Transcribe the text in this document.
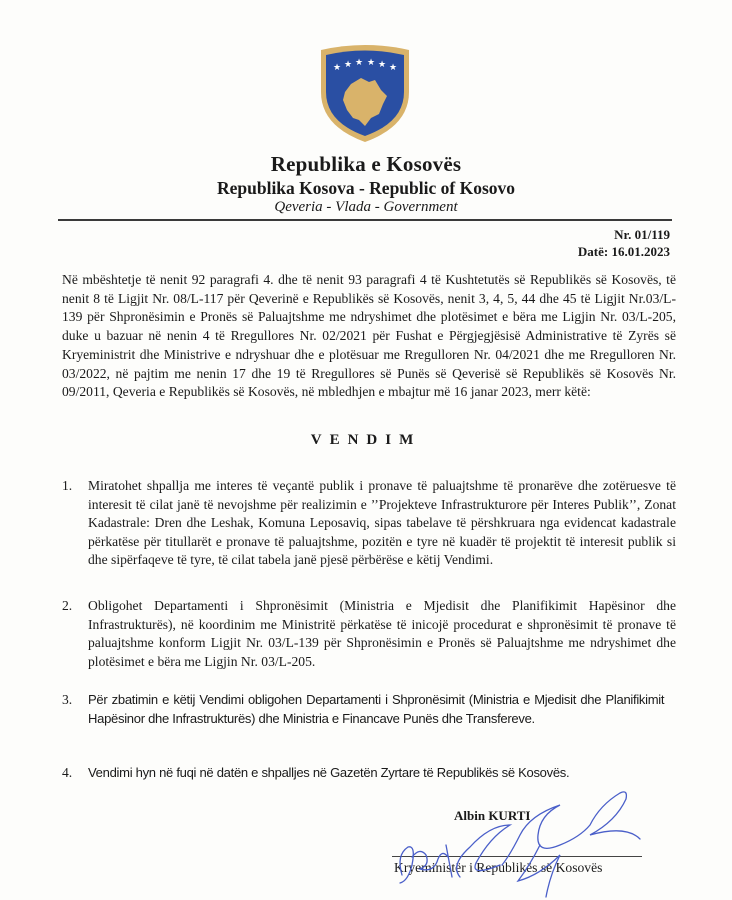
★ ★ ★ ★ ★ ★
Republika e Kosovës
Republika Kosova - Republic of Kosovo
Qeveria - Vlada - Government
Nr. 01/119
Datë: 16.01.2023
Në mbështetje të nenit 92 paragrafi 4. dhe të nenit 93 paragrafi 4 të Kushtetutës së Republikës së Kosovës, të nenit 8 të Ligjit Nr. 08/L-117 për Qeverinë e Republikës së Kosovës, nenit 3, 4, 5, 44 dhe 45 të Ligjit Nr.03/L-139 për Shpronësimin e Pronës së Paluajtshme me ndryshimet dhe plotësimet e bëra me Ligjin Nr. 03/L-205, duke u bazuar në nenin 4 të Rregullores Nr. 02/2021 për Fushat e Përgjegjësisë Administrative të Zyrës së Kryeministrit dhe Ministrive e ndryshuar dhe e plotësuar me Rregulloren Nr. 04/2021 dhe me Rregulloren Nr. 03/2022, në pajtim me nenin 17 dhe 19 të Rregullores së Punës së Qeverisë së Republikës së Kosovës Nr. 09/2011, Qeveria e Republikës së Kosovës, në mbledhjen e mbajtur më 16 janar 2023, merr këtë:
VENDIM
1.	Miratohet shpallja me interes të veçantë publik i pronave të paluajtshme të pronarëve dhe zotëruesve të interesit të cilat janë të nevojshme për realizimin e ’’Projekteve Infrastrukturore për Interes Publik’’, Zonat Kadastrale: Dren dhe Leshak, Komuna Leposaviq, sipas tabelave të përshkruara nga evidencat kadastrale përkatëse për titullarët e pronave të paluajtshme, pozitën e tyre në kuadër të projektit të interesit publik si dhe sipërfaqeve të tyre, të cilat tabela janë pjesë përbërëse e këtij Vendimi.
2.	Obligohet Departamenti i Shpronësimit (Ministria e Mjedisit dhe Planifikimit Hapësinor dhe Infrastrukturës), në koordinim me Ministritë përkatëse të inicojë procedurat e shpronësimit të pronave të paluajtshme konform Ligjit Nr. 03/L-139 për Shpronësimin e Pronës së Paluajtshme me ndryshimet dhe plotësimet e bëra me Ligjin Nr. 03/L-205.
3.	Për zbatimin e këtij Vendimi obligohen Departamenti i Shpronësimit (Ministria e Mjedisit dhe Planifikimit Hapësinor dhe Infrastrukturës) dhe Ministria e Financave Punës dhe Transfereve.
4.	Vendimi hyn në fuqi në datën e shpalljes në Gazetën Zyrtare të Republikës së Kosovës.
Albin KURTI
Kryeministër i Republikës së Kosovës
